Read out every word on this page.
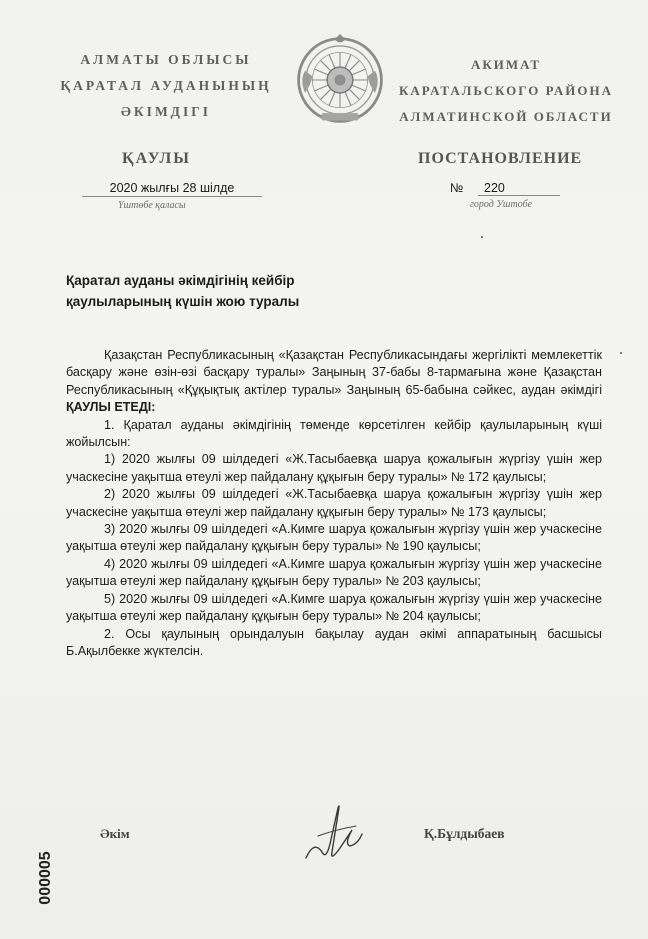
АЛМАТЫ ОБЛЫСЫ
ҚАРАТАЛ АУДАНЫНЫҢ
ӘКІМДІГІ
АКИМАТ
КАРАТАЛЬСКОГО РАЙОНА
АЛМАТИНСКОЙ ОБЛАСТИ
ҚАУЛЫ	ПОСТАНОВЛЕНИЕ
2020 жылғы 28 шілде
Үштөбе қаласы
№ 220
город Уштобе
Қаратал ауданы әкімдігінің кейбір
қаулыларының күшін жою туралы

Қазақстан Республикасының «Қазақстан Республикасындағы жергілікті мемлекеттік басқару және өзін-өзі басқару туралы» Заңының 37-бабы 8-тармағына және Қазақстан Республикасының «Құқықтық актілер туралы» Заңының 65-бабына сәйкес, аудан әкімдігі ҚАУЛЫ ЕТЕДІ:

1. Қаратал ауданы әкімдігінің төменде көрсетілген кейбір қаулыларының күші жойылсын:

1) 2020 жылғы 09 шілдедегі «Ж.Тасыбаевқа шаруа қожалығын жүргізу үшін жер учаскесіне уақытша өтеулі жер пайдалану құқығын беру туралы» № 172 қаулысы;

2) 2020 жылғы 09 шілдедегі «Ж.Тасыбаевқа шаруа қожалығын жүргізу үшін жер учаскесіне уақытша өтеулі жер пайдалану құқығын беру туралы» № 173 қаулысы;

3) 2020 жылғы 09 шілдедегі «А.Кимге шаруа қожалығын жүргізу үшін жер учаскесіне уақытша өтеулі жер пайдалану құқығын беру туралы» № 190 қаулысы;

4) 2020 жылғы 09 шілдедегі «А.Кимге шаруа қожалығын жүргізу үшін жер учаскесіне уақытша өтеулі жер пайдалану құқығын беру туралы» № 203 қаулысы;

5) 2020 жылғы 09 шілдедегі «А.Кимге шаруа қожалығын жүргізу үшін жер учаскесіне уақытша өтеулі жер пайдалану құқығын беру туралы» № 204 қаулысы;

2. Осы қаулының орындалуын бақылау аудан әкімі аппаратының басшысы Б.Ақылбекке жүктелсін.

Әкім	Қ.Бұлдыбаев
000005
